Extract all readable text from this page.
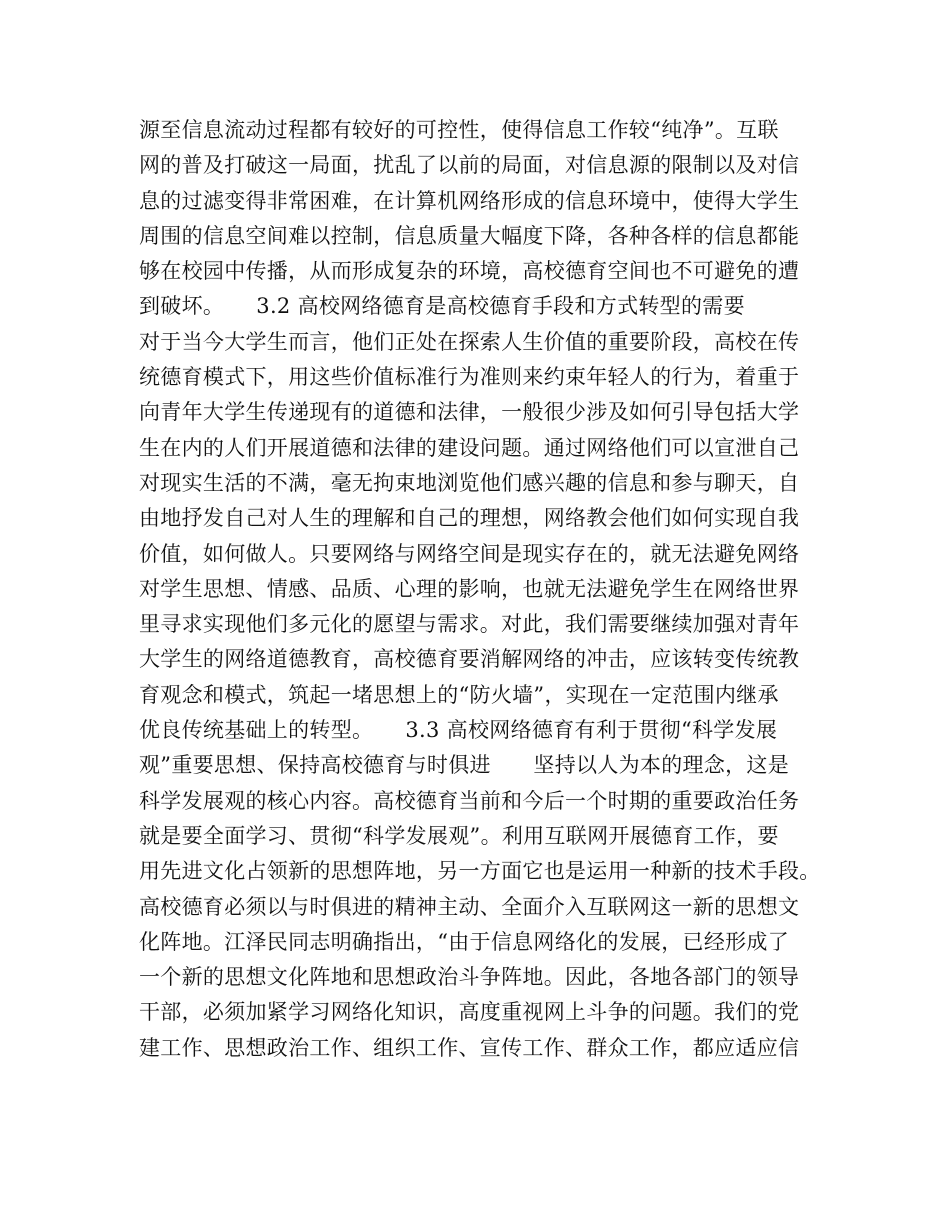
源至信息流动过程都有较好的可控性，使得信息工作较“纯净”。互联
网的普及打破这一局面，扰乱了以前的局面，对信息源的限制以及对信
息的过滤变得非常困难，在计算机网络形成的信息环境中，使得大学生
周围的信息空间难以控制，信息质量大幅度下降，各种各样的信息都能
够在校园中传播，从而形成复杂的环境，高校德育空间也不可避免的遭
到破坏。　　3.2 高校网络德育是高校德育手段和方式转型的需要
对于当今大学生而言，他们正处在探索人生价值的重要阶段，高校在传
统德育模式下，用这些价值标准行为准则来约束年轻人的行为，着重于
向青年大学生传递现有的道德和法律，一般很少涉及如何引导包括大学
生在内的人们开展道德和法律的建设问题。通过网络他们可以宣泄自己
对现实生活的不满，毫无拘束地浏览他们感兴趣的信息和参与聊天，自
由地抒发自己对人生的理解和自己的理想，网络教会他们如何实现自我
价值，如何做人。只要网络与网络空间是现实存在的，就无法避免网络
对学生思想、情感、品质、心理的影响，也就无法避免学生在网络世界
里寻求实现他们多元化的愿望与需求。对此，我们需要继续加强对青年
大学生的网络道德教育，高校德育要消解网络的冲击，应该转变传统教
育观念和模式，筑起一堵思想上的“防火墙”，实现在一定范围内继承
优良传统基础上的转型。　　3.3 高校网络德育有利于贯彻“科学发展
观”重要思想、保持高校德育与时俱进　　坚持以人为本的理念，这是
科学发展观的核心内容。高校德育当前和今后一个时期的重要政治任务
就是要全面学习、贯彻“科学发展观”。利用互联网开展德育工作，要
用先进文化占领新的思想阵地，另一方面它也是运用一种新的技术手段。
高校德育必须以与时俱进的精神主动、全面介入互联网这一新的思想文
化阵地。江泽民同志明确指出，“由于信息网络化的发展，已经形成了
一个新的思想文化阵地和思想政治斗争阵地。因此，各地各部门的领导
干部，必须加紧学习网络化知识，高度重视网上斗争的问题。我们的党
建工作、思想政治工作、组织工作、宣传工作、群众工作，都应适应信
